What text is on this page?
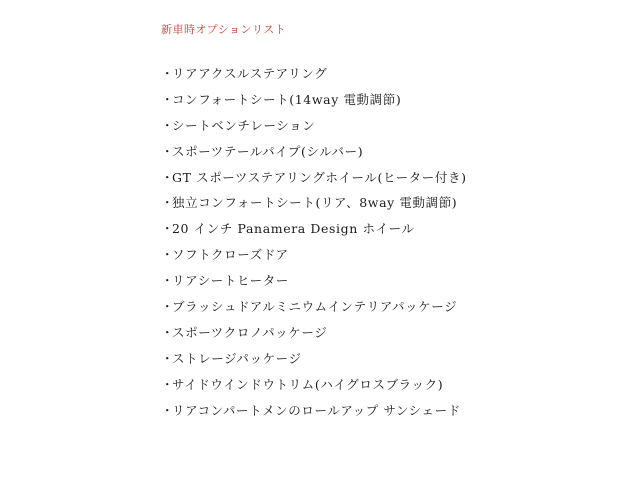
新車時オプションリスト
・
リアアクスルステアリング
・
コンフォートシート(14way 電動調節)
・
シートベンチレーション
・
スポーツテールパイプ(シルバー)
・
GT スポーツステアリングホイール(ヒーター付き)
・
独立コンフォートシート(リア、8way 電動調節)
・
20 インチ Panamera Design ホイール
・
ソフトクローズドア
・
リアシートヒーター
・
ブラッシュドアルミニウムインテリアパッケージ
・
スポーツクロノパッケージ
・
ストレージパッケージ
・
サイドウインドウトリム(ハイグロスブラック)
・
リアコンパートメンのロールアップ サンシェード
